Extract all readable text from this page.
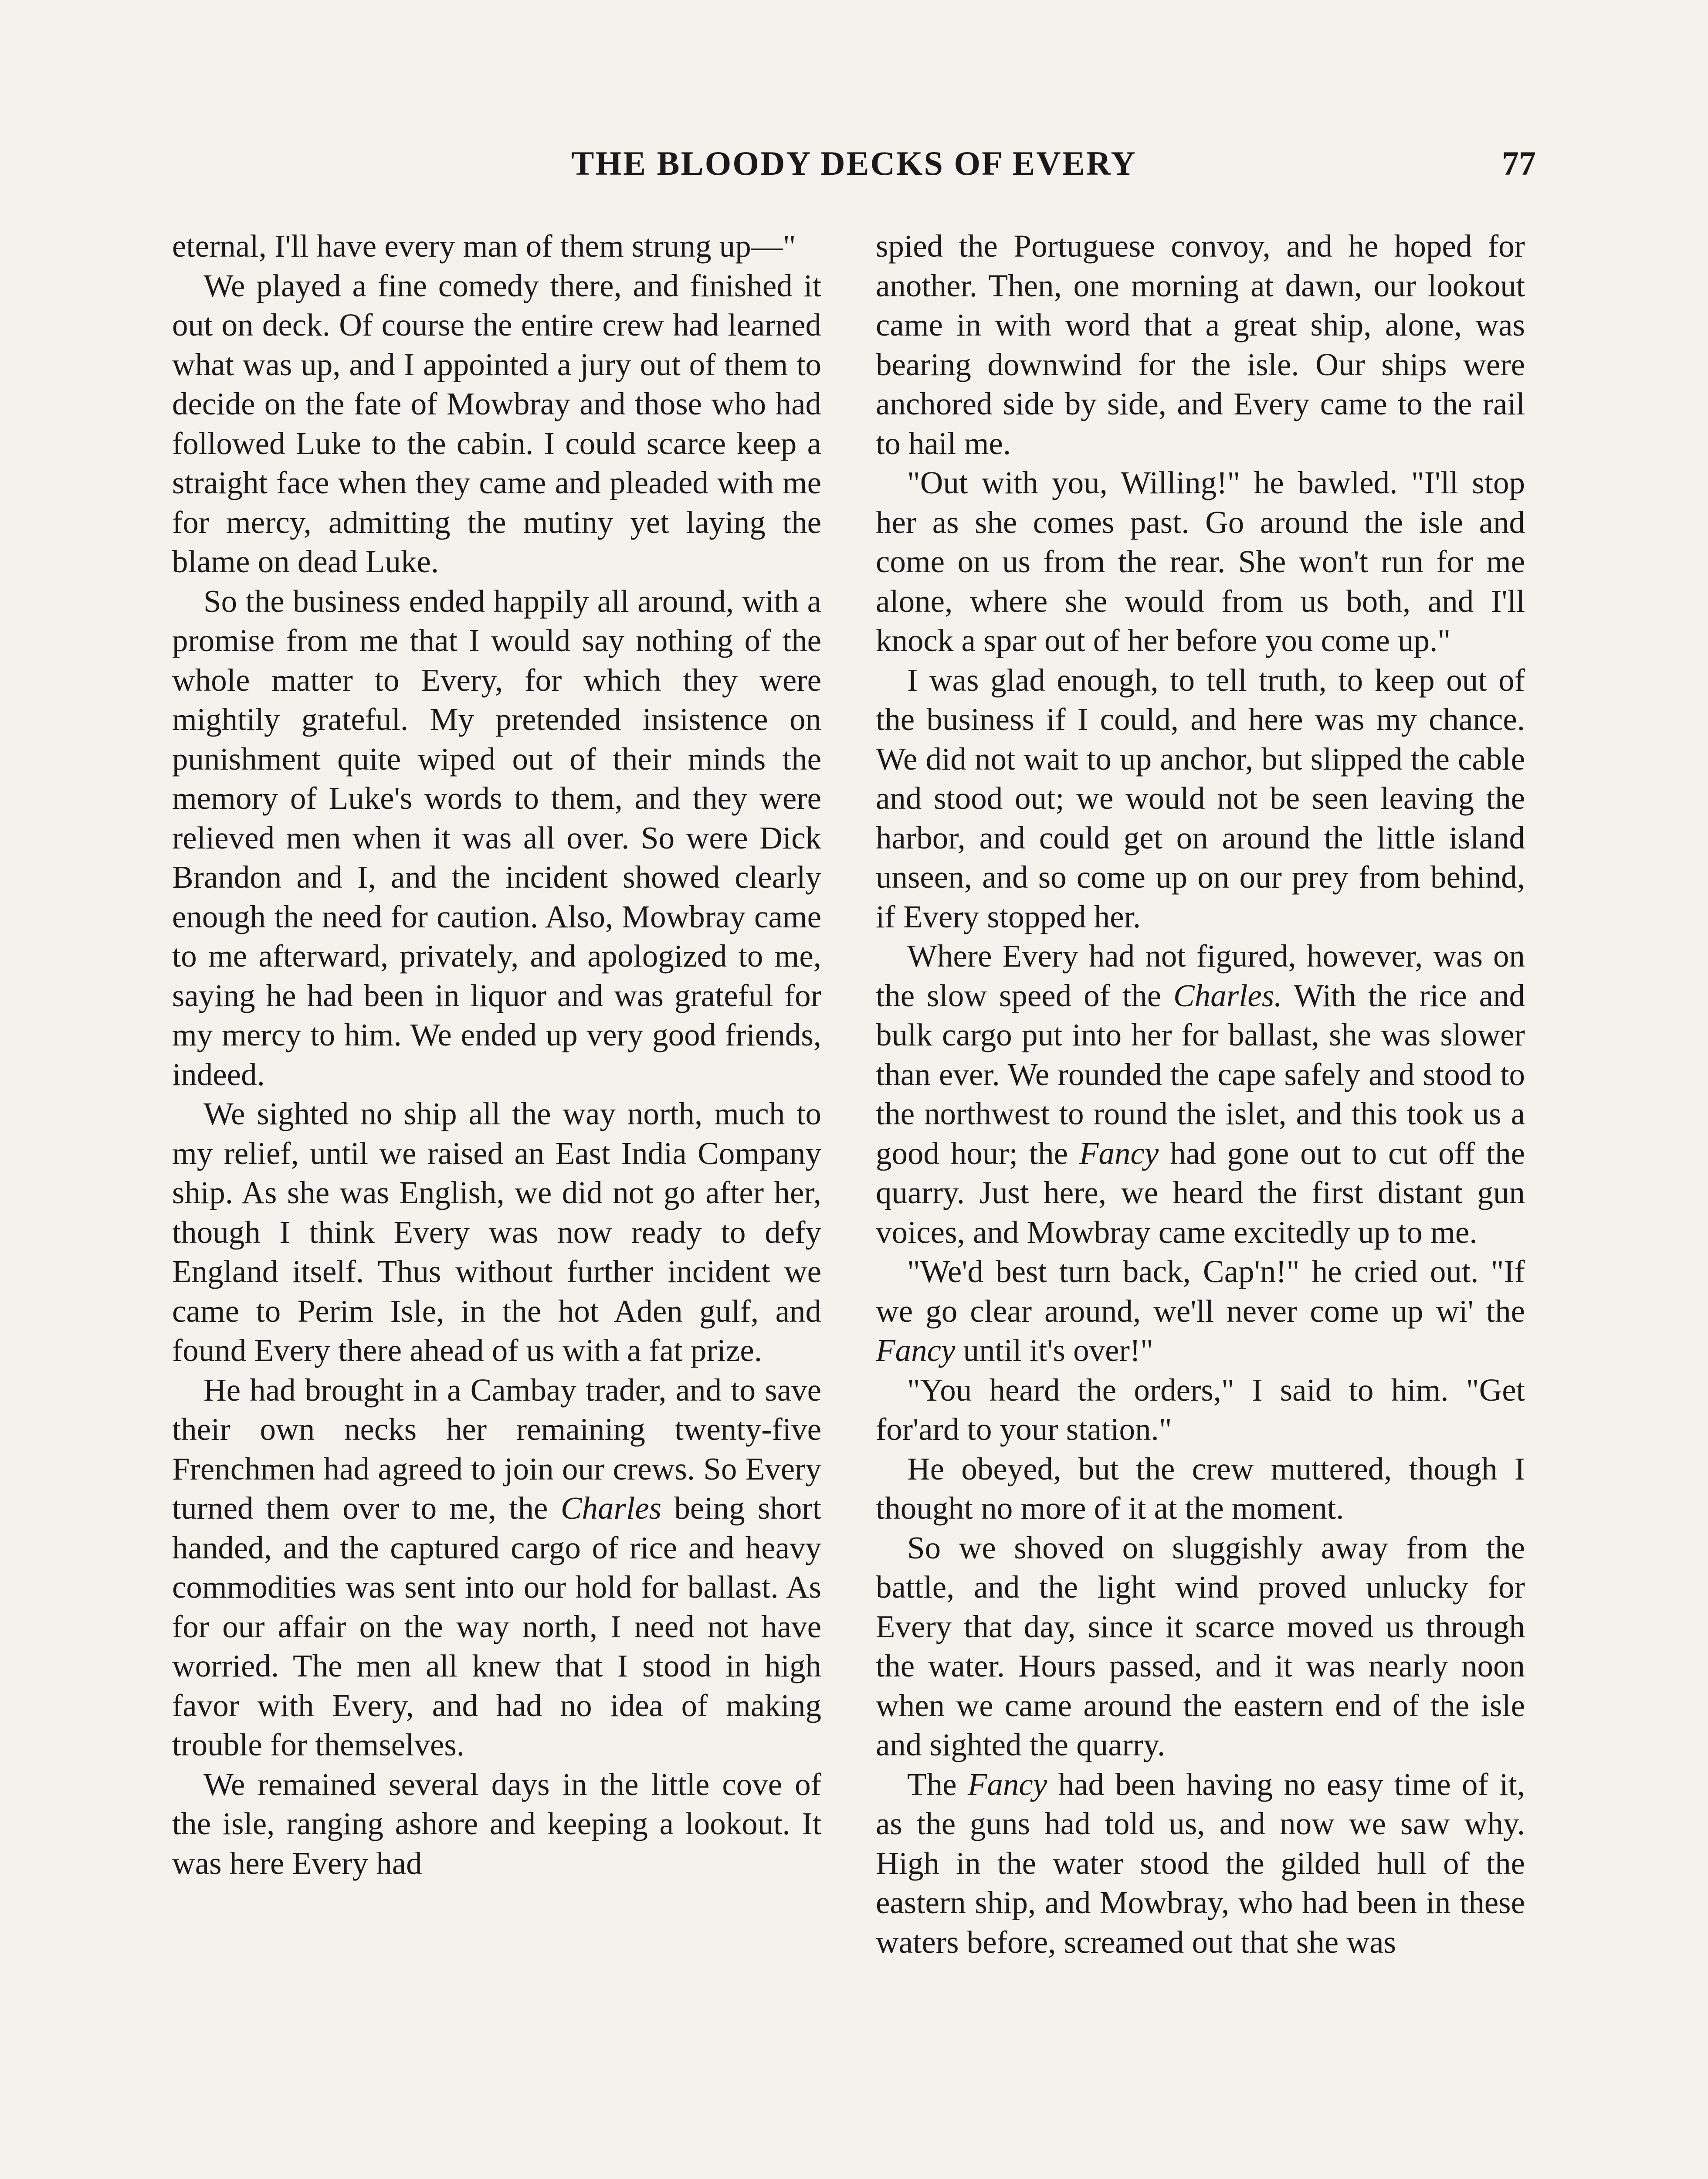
THE BLOODY DECKS OF EVERY	77

eternal, I'll have every man of them strung up—"

We played a fine comedy there, and finished it out on deck. Of course the entire crew had learned what was up, and I appointed a jury out of them to decide on the fate of Mowbray and those who had followed Luke to the cabin. I could scarce keep a straight face when they came and pleaded with me for mercy, admitting the mutiny yet laying the blame on dead Luke.

So the business ended happily all around, with a promise from me that I would say nothing of the whole matter to Every, for which they were mightily grateful. My pretended insistence on punishment quite wiped out of their minds the memory of Luke's words to them, and they were relieved men when it was all over. So were Dick Brandon and I, and the incident showed clearly enough the need for caution. Also, Mowbray came to me afterward, privately, and apologized to me, saying he had been in liquor and was grateful for my mercy to him. We ended up very good friends, indeed.

We sighted no ship all the way north, much to my relief, until we raised an East India Company ship. As she was English, we did not go after her, though I think Every was now ready to defy England itself. Thus without further incident we came to Perim Isle, in the hot Aden gulf, and found Every there ahead of us with a fat prize.

He had brought in a Cambay trader, and to save their own necks her remaining twenty-five Frenchmen had agreed to join our crews. So Every turned them over to me, the Charles being short handed, and the captured cargo of rice and heavy commodities was sent into our hold for ballast. As for our affair on the way north, I need not have worried. The men all knew that I stood in high favor with Every, and had no idea of making trouble for themselves.

We remained several days in the little cove of the isle, ranging ashore and keeping a lookout. It was here Every had

spied the Portuguese convoy, and he hoped for another. Then, one morning at dawn, our lookout came in with word that a great ship, alone, was bearing downwind for the isle. Our ships were anchored side by side, and Every came to the rail to hail me.

"Out with you, Willing!" he bawled. "I'll stop her as she comes past. Go around the isle and come on us from the rear. She won't run for me alone, where she would from us both, and I'll knock a spar out of her before you come up."

I was glad enough, to tell truth, to keep out of the business if I could, and here was my chance. We did not wait to up anchor, but slipped the cable and stood out; we would not be seen leaving the harbor, and could get on around the little island unseen, and so come up on our prey from behind, if Every stopped her.

Where Every had not figured, however, was on the slow speed of the Charles. With the rice and bulk cargo put into her for ballast, she was slower than ever. We rounded the cape safely and stood to the northwest to round the islet, and this took us a good hour; the Fancy had gone out to cut off the quarry. Just here, we heard the first distant gun voices, and Mowbray came excitedly up to me.

"We'd best turn back, Cap'n!" he cried out. "If we go clear around, we'll never come up wi' the Fancy until it's over!"

"You heard the orders," I said to him. "Get for'ard to your station."

He obeyed, but the crew muttered, though I thought no more of it at the moment.

So we shoved on sluggishly away from the battle, and the light wind proved unlucky for Every that day, since it scarce moved us through the water. Hours passed, and it was nearly noon when we came around the eastern end of the isle and sighted the quarry.

The Fancy had been having no easy time of it, as the guns had told us, and now we saw why. High in the water stood the gilded hull of the eastern ship, and Mowbray, who had been in these waters before, screamed out that she was
